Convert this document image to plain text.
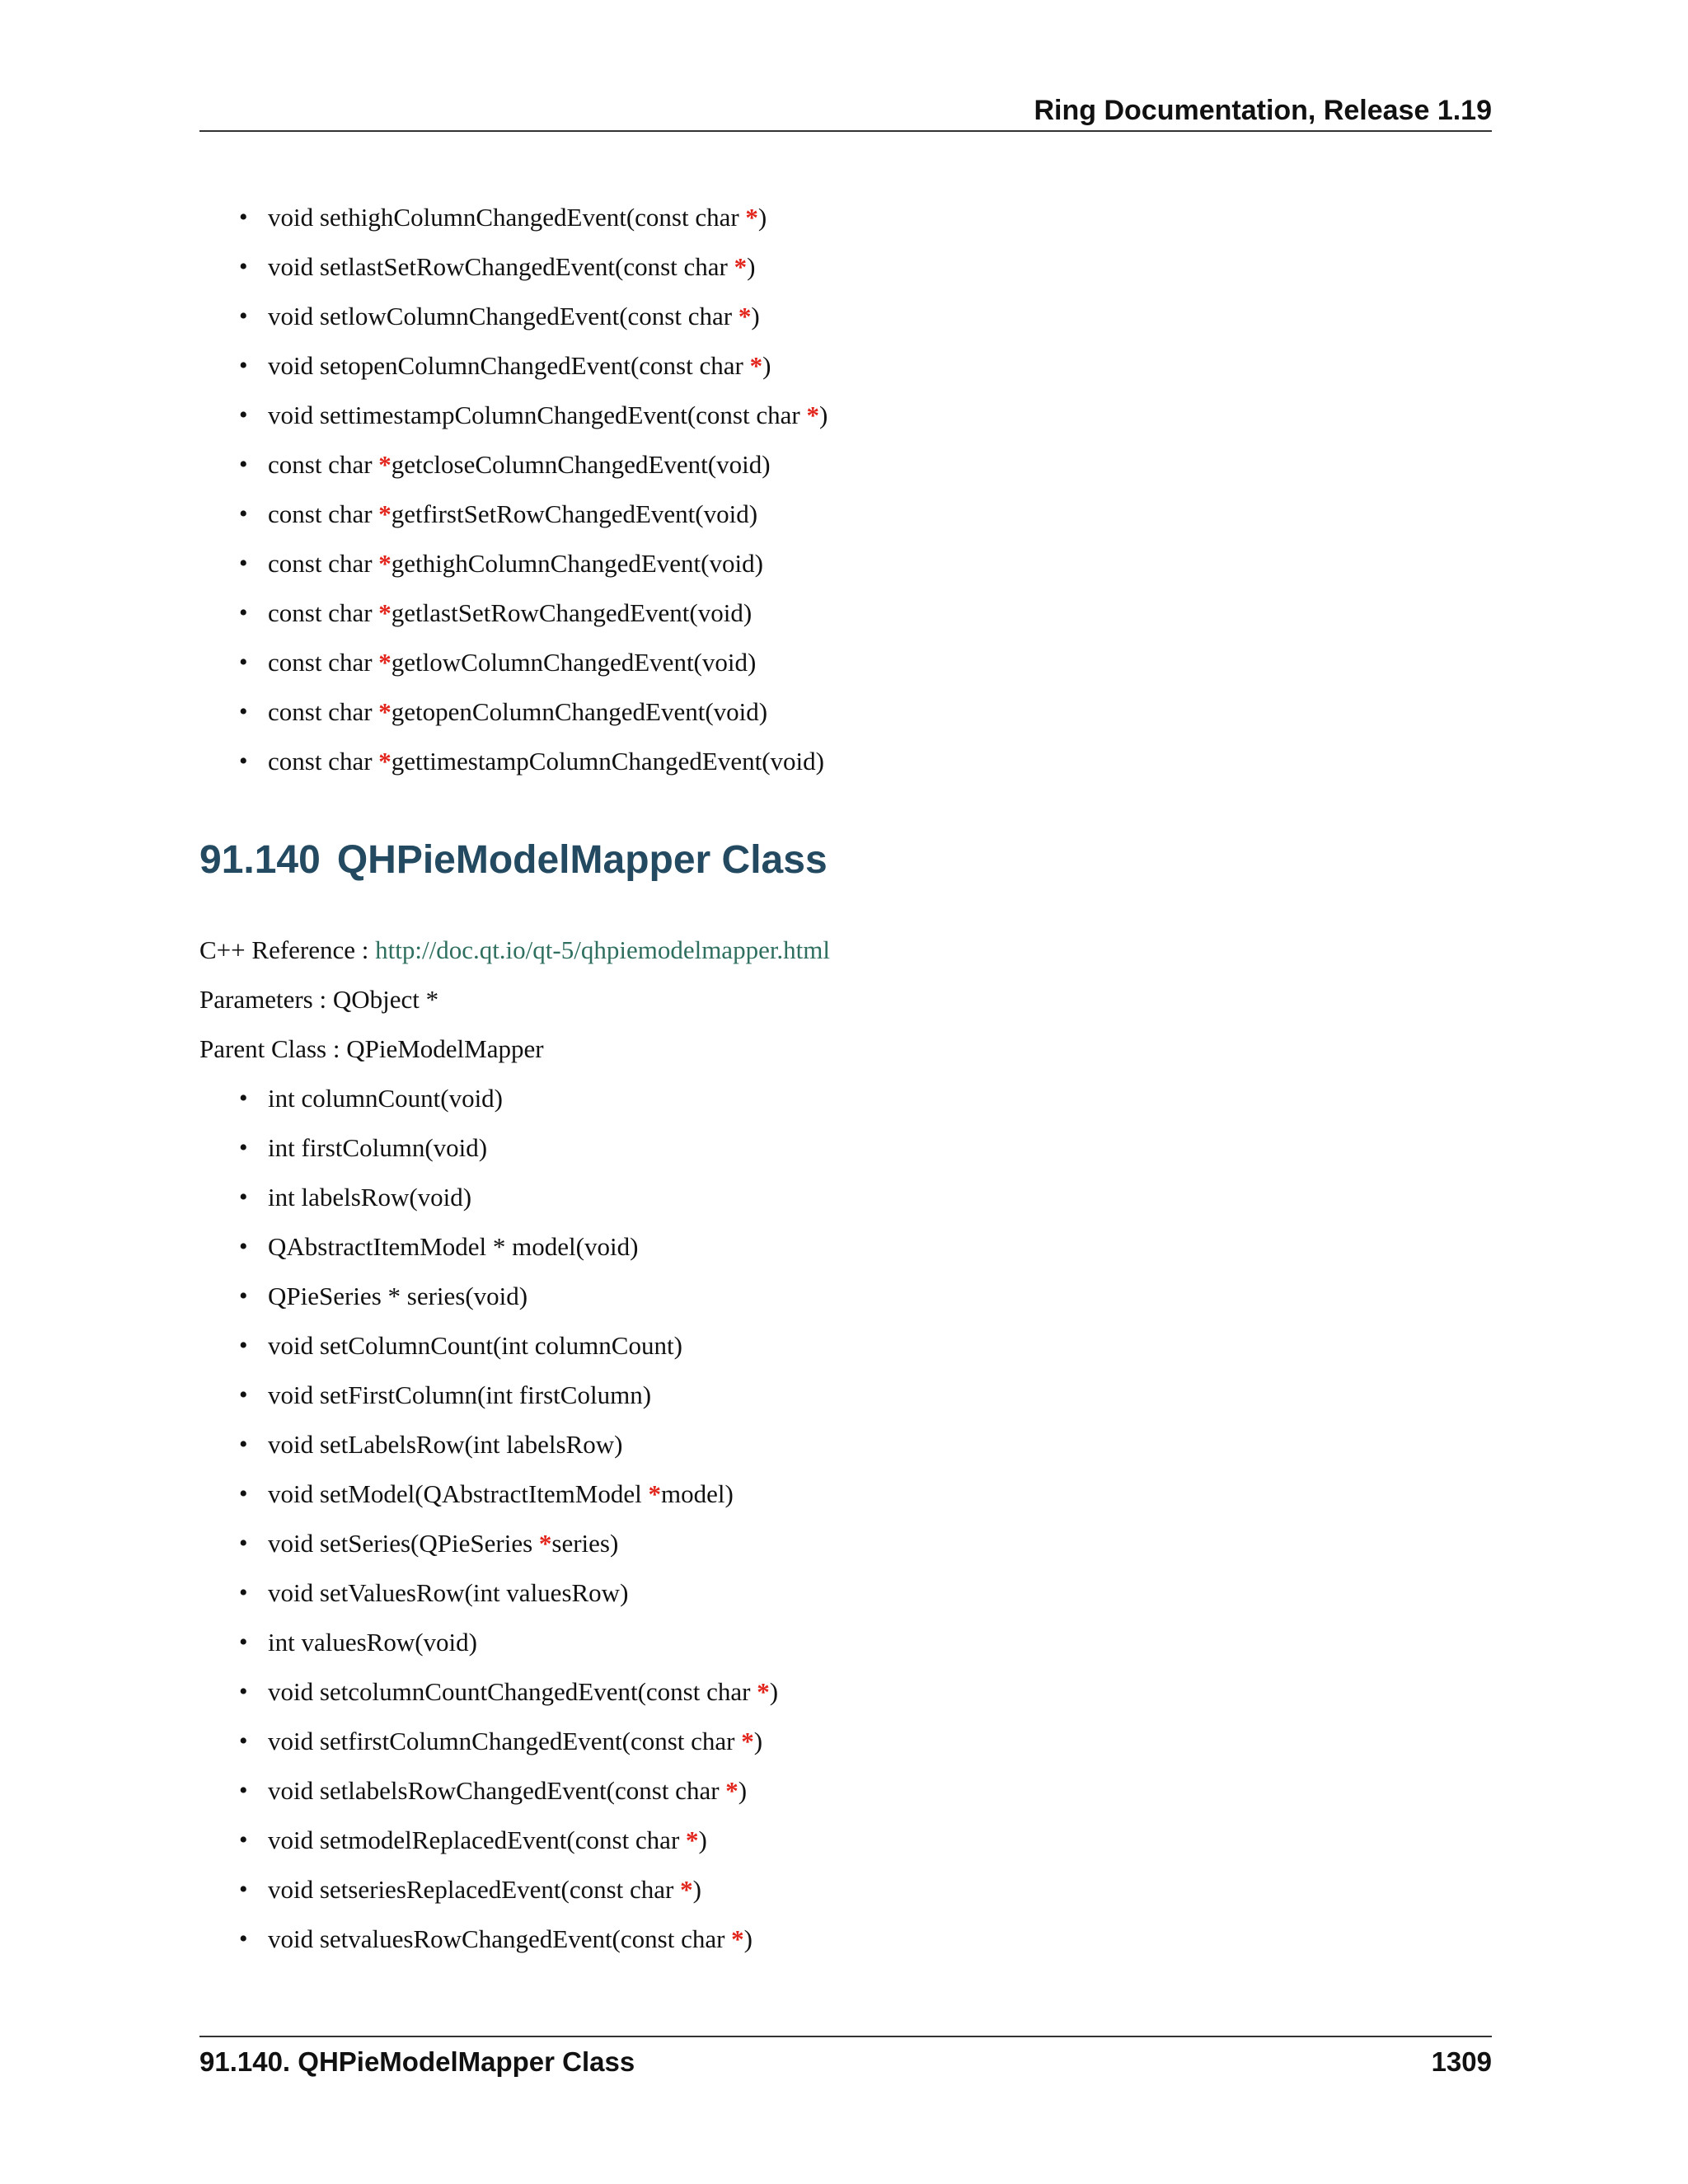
Ring Documentation, Release 1.19
• void sethighColumnChangedEvent(const char *)
• void setlastSetRowChangedEvent(const char *)
• void setlowColumnChangedEvent(const char *)
• void setopenColumnChangedEvent(const char *)
• void settimestampColumnChangedEvent(const char *)
• const char *getcloseColumnChangedEvent(void)
• const char *getfirstSetRowChangedEvent(void)
• const char *gethighColumnChangedEvent(void)
• const char *getlastSetRowChangedEvent(void)
• const char *getlowColumnChangedEvent(void)
• const char *getopenColumnChangedEvent(void)
• const char *gettimestampColumnChangedEvent(void)
91.140 QHPieModelMapper Class
C++ Reference : http://doc.qt.io/qt-5/qhpiemodelmapper.html
Parameters : QObject *
Parent Class : QPieModelMapper
• int columnCount(void)
• int firstColumn(void)
• int labelsRow(void)
• QAbstractItemModel * model(void)
• QPieSeries * series(void)
• void setColumnCount(int columnCount)
• void setFirstColumn(int firstColumn)
• void setLabelsRow(int labelsRow)
• void setModel(QAbstractItemModel *model)
• void setSeries(QPieSeries *series)
• void setValuesRow(int valuesRow)
• int valuesRow(void)
• void setcolumnCountChangedEvent(const char *)
• void setfirstColumnChangedEvent(const char *)
• void setlabelsRowChangedEvent(const char *)
• void setmodelReplacedEvent(const char *)
• void setseriesReplacedEvent(const char *)
• void setvaluesRowChangedEvent(const char *)
91.140. QHPieModelMapper Class	1309
